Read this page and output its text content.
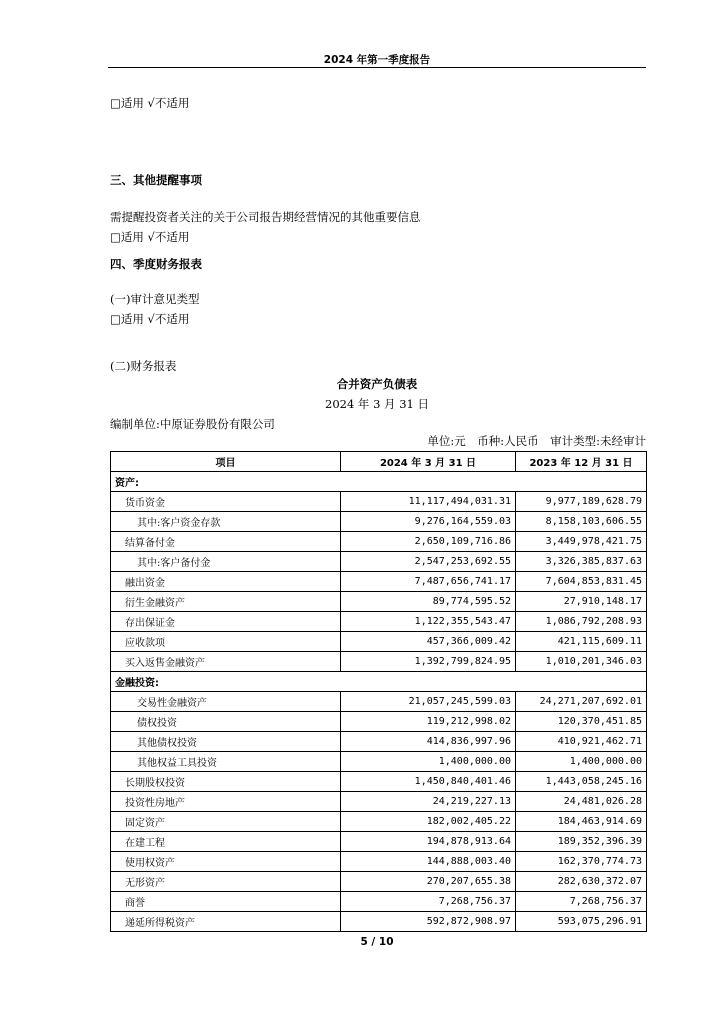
2024 年第一季度报告
□适用 √不适用
三、其他提醒事项
需提醒投资者关注的关于公司报告期经营情况的其他重要信息
□适用 √不适用
四、季度财务报表
(一)审计意见类型
□适用 √不适用
(二)财务报表
合并资产负债表
2024 年 3 月 31 日
编制单位:中原证券股份有限公司
单位:元　币种:人民币　审计类型:未经审计
项目	2024 年 3 月 31 日	2023 年 12 月 31 日
资产:		
货币资金	11,117,494,031.31	9,977,189,628.79
其中:客户资金存款	9,276,164,559.03	8,158,103,606.55
结算备付金	2,650,109,716.86	3,449,978,421.75
其中:客户备付金	2,547,253,692.55	3,326,385,837.63
融出资金	7,487,656,741.17	7,604,853,831.45
衍生金融资产	89,774,595.52	27,910,148.17
存出保证金	1,122,355,543.47	1,086,792,208.93
应收款项	457,366,009.42	421,115,609.11
买入返售金融资产	1,392,799,824.95	1,010,201,346.03
金融投资:		
交易性金融资产	21,057,245,599.03	24,271,207,692.01
债权投资	119,212,998.02	120,370,451.85
其他债权投资	414,836,997.96	410,921,462.71
其他权益工具投资	1,400,000.00	1,400,000.00
长期股权投资	1,450,840,401.46	1,443,058,245.16
投资性房地产	24,219,227.13	24,481,026.28
固定资产	182,002,405.22	184,463,914.69
在建工程	194,878,913.64	189,352,396.39
使用权资产	144,888,003.40	162,370,774.73
无形资产	270,207,655.38	282,630,372.07
商誉	7,268,756.37	7,268,756.37
递延所得税资产	592,872,908.97	593,075,296.91
5 / 10
